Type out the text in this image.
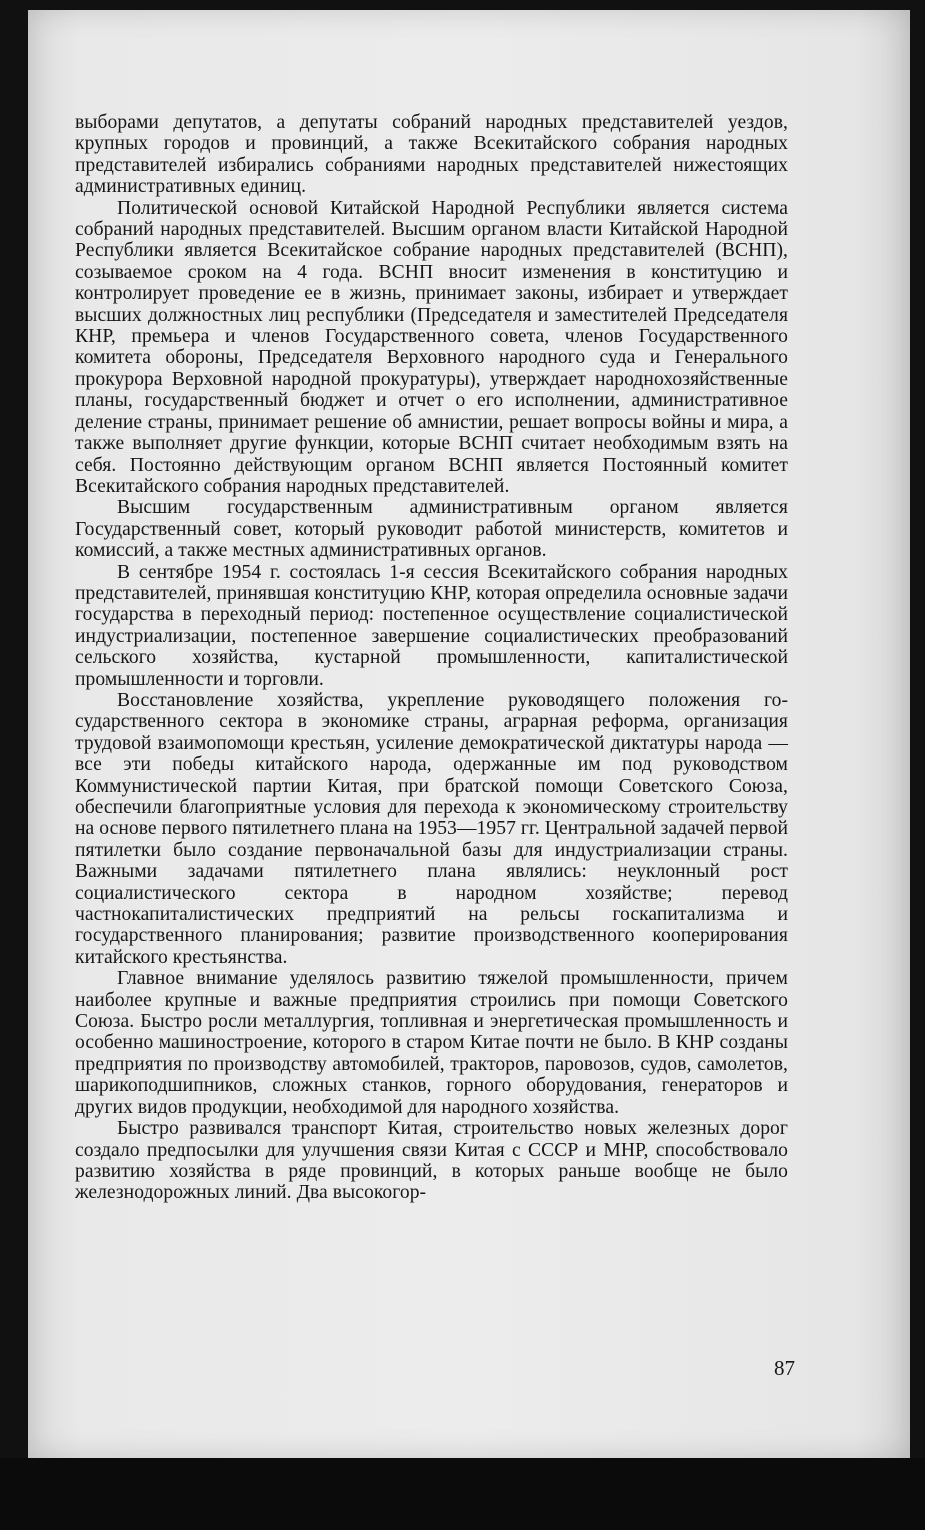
выборами депутатов, а депутаты собраний народных представителей уездов, крупных городов и провинций, а также Всекитайского собрания народных представителей избирались собраниями народных представителей нижестоящих административных единиц.

Политической основой Китайской Народной Республики является система собраний народных представителей. Высшим органом власти Китайской Народной Республики является Всекитайское собрание народных представителей (ВСНП), созываемое сроком на 4 года. ВСНП вносит изменения в конституцию и контролирует проведение ее в жизнь, принимает законы, избирает и утверждает высших должностных лиц республики (Председателя и заместителей Председателя КНР, премьера и членов Государственного совета, членов Государственного комитета обороны, Председателя Верховного народного суда и Генерального прокурора Верховной народной прокуратуры), утверждает народнохозяйственные планы, государственный бюджет и отчет о его исполнении, административное деление страны, принимает решение об амнистии, решает вопросы войны и мира, а также выполняет другие функции, которые ВСНП считает необходимым взять на себя. Постоянно действующим органом ВСНП является Постоянный комитет Всекитайского собрания народных представителей.

Высшим государственным административным органом является Государственный совет, который руководит работой министерств, комитетов и комиссий, а также местных административных органов.

В сентябре 1954 г. состоялась 1-я сессия Всекитайского собрания народных представителей, принявшая конституцию КНР, которая определила основные задачи государства в переходный период: постепенное осуществление социалистической индустриализации, постепенное завершение социалистических преобразований сельского хозяйства, кустарной промышленности, капиталистической промышленности и торговли.

Восстановление хозяйства, укрепление руководящего положения государственного сектора в экономике страны, аграрная реформа, организация трудовой взаимопомощи крестьян, усиление демократической диктатуры народа — все эти победы китайского народа, одержанные им под руководством Коммунистической партии Китая, при братской помощи Советского Союза, обеспечили благоприятные условия для перехода к экономическому строительству на основе первого пятилетнего плана на 1953—1957 гг. Центральной задачей первой пятилетки было создание первоначальной базы для индустриализации страны. Важными задачами пятилетнего плана являлись: неуклонный рост социалистического сектора в народном хозяйстве; перевод частнокапиталистических предприятий на рельсы госкапитализма и государственного планирования; развитие производственного кооперирования китайского крестьянства.

Главное внимание уделялось развитию тяжелой промышленности, причем наиболее крупные и важные предприятия строились при помощи Советского Союза. Быстро росли металлургия, топливная и энергетическая промышленность и особенно машиностроение, которого в старом Китае почти не было. В КНР созданы предприятия по производству автомобилей, тракторов, паровозов, судов, самолетов, шарикоподшипников, сложных станков, горного оборудования, генераторов и других видов продукции, необходимой для народного хозяйства.

Быстро развивался транспорт Китая, строительство новых железных дорог создало предпосылки для улучшения связи Китая с СССР и МНР, способствовало развитию хозяйства в ряде провинций, в которых раньше вообще не было железнодорожных линий. Два высокогор-

87
